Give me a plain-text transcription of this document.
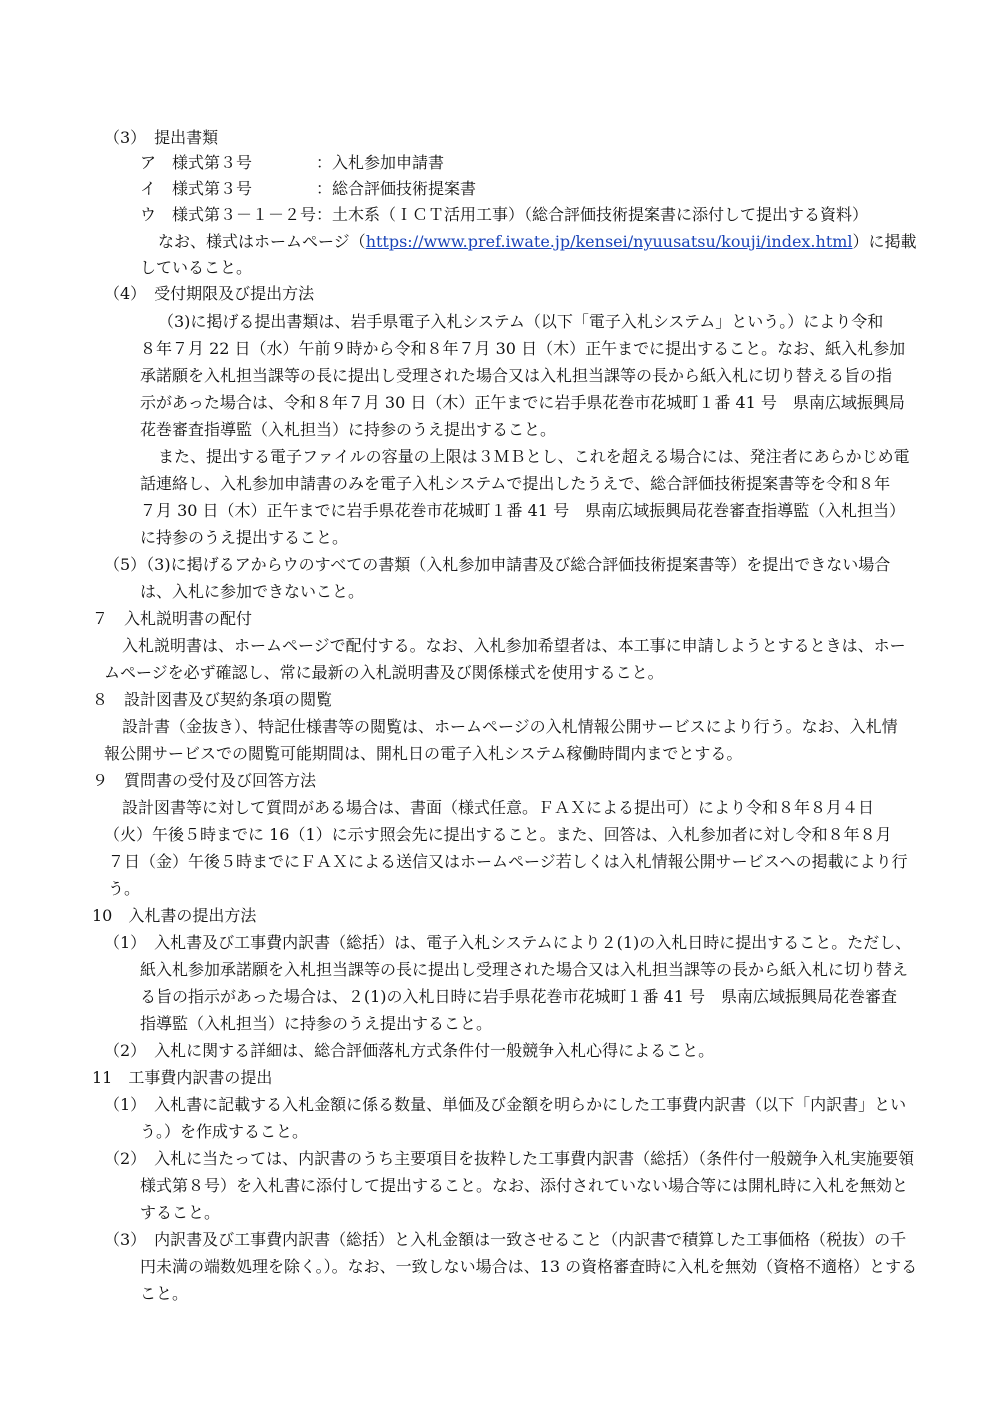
（3）　提出書類
ア　様式第３号	：入札参加申請書
イ　様式第３号	：総合評価技術提案書
ウ　様式第３－１－２号：土木系（ＩＣＴ活用工事）（総合評価技術提案書に添付して提出する資料）
なお、様式はホームページ（https://www.pref.iwate.jp/kensei/nyuusatsu/kouji/index.html）に掲載
していること。
（4）　受付期限及び提出方法
（3)に掲げる提出書類は、岩手県電子入札システム（以下「電子入札システム」という。）により令和
８年７月 22 日（水）午前９時から令和８年７月 30 日（木）正午までに提出すること。なお、紙入札参加
承諾願を入札担当課等の長に提出し受理された場合又は入札担当課等の長から紙入札に切り替える旨の指
示があった場合は、令和８年７月 30 日（木）正午までに岩手県花巻市花城町１番 41 号　県南広域振興局
花巻審査指導監（入札担当）に持参のうえ提出すること。
また、提出する電子ファイルの容量の上限は３ＭＢとし、これを超える場合には、発注者にあらかじめ電
話連絡し、入札参加申請書のみを電子入札システムで提出したうえで、総合評価技術提案書等を令和８年
７月 30 日（木）正午までに岩手県花巻市花城町１番 41 号　県南広域振興局花巻審査指導監（入札担当）
に持参のうえ提出すること。
（5）（3)に掲げるアからウのすべての書類（入札参加申請書及び総合評価技術提案書等）を提出できない場合
は、入札に参加できないこと。
７　入札説明書の配付
入札説明書は、ホームページで配付する。なお、入札参加希望者は、本工事に申請しようとするときは、ホー
ムページを必ず確認し、常に最新の入札説明書及び関係様式を使用すること。
８　設計図書及び契約条項の閲覧
設計書（金抜き）、特記仕様書等の閲覧は、ホームページの入札情報公開サービスにより行う。なお、入札情
報公開サービスでの閲覧可能期間は、開札日の電子入札システム稼働時間内までとする。
９　質問書の受付及び回答方法
設計図書等に対して質問がある場合は、書面（様式任意。ＦＡＸによる提出可）により令和８年８月４日
（火）午後５時までに 16（1）に示す照会先に提出すること。また、回答は、入札参加者に対し令和８年８月
７日（金）午後５時までにＦＡＸによる送信又はホームページ若しくは入札情報公開サービスへの掲載により行
う。
10　入札書の提出方法
（1）　入札書及び工事費内訳書（総括）は、電子入札システムにより２(1)の入札日時に提出すること。ただし、
紙入札参加承諾願を入札担当課等の長に提出し受理された場合又は入札担当課等の長から紙入札に切り替え
る旨の指示があった場合は、２(1)の入札日時に岩手県花巻市花城町１番 41 号　県南広域振興局花巻審査
指導監（入札担当）に持参のうえ提出すること。
（2）　入札に関する詳細は、総合評価落札方式条件付一般競争入札心得によること。
11　工事費内訳書の提出
（1）　入札書に記載する入札金額に係る数量、単価及び金額を明らかにした工事費内訳書（以下「内訳書」とい
う。）を作成すること。
（2）　入札に当たっては、内訳書のうち主要項目を抜粋した工事費内訳書（総括）（条件付一般競争入札実施要領
様式第８号）を入札書に添付して提出すること。なお、添付されていない場合等には開札時に入札を無効と
すること。
（3）　内訳書及び工事費内訳書（総括）と入札金額は一致させること（内訳書で積算した工事価格（税抜）の千
円未満の端数処理を除く。）。なお、一致しない場合は、13 の資格審査時に入札を無効（資格不適格）とする
こと。
